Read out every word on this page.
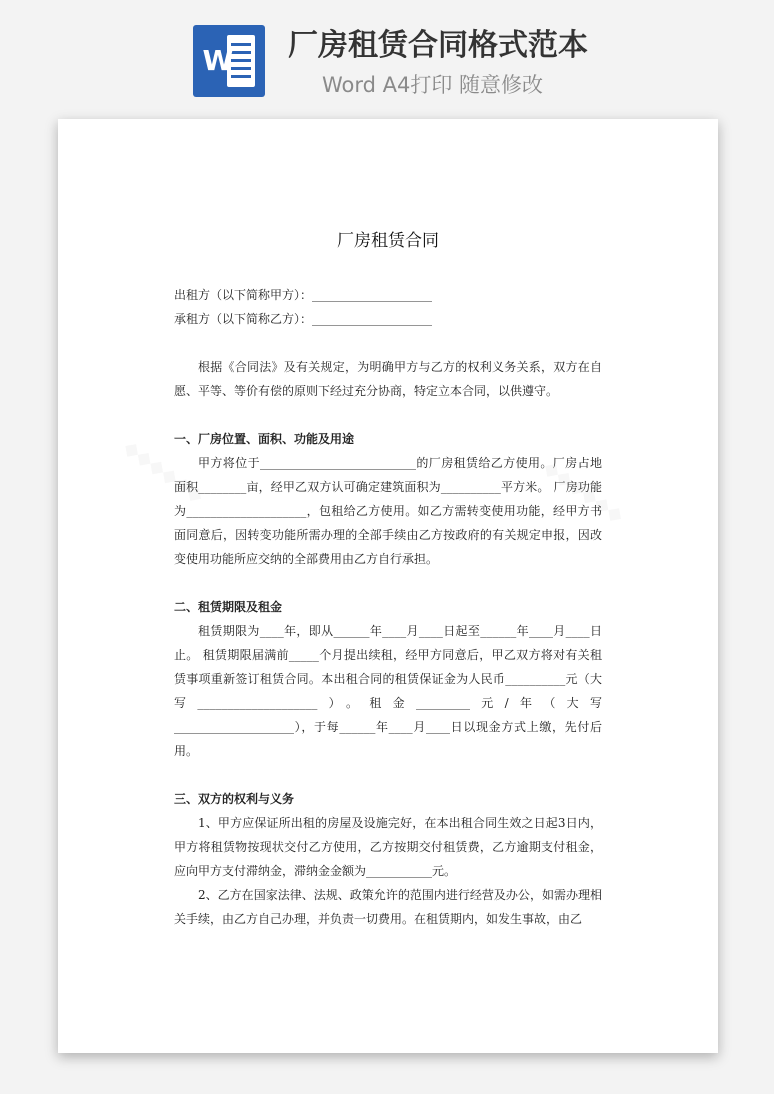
W 厂房租赁合同格式范本
Word A4打印 随意修改
◆◆◆◆◆◆	◆◆◆◆◆◆
厂房租赁合同

出租方（以下简称甲方）：____________________

承租方（以下简称乙方）：____________________

根据《合同法》及有关规定，为明确甲方与乙方的权利义务关系，双方在自愿、平等、等价有偿的原则下经过充分协商，特定立本合同，以供遵守。

一、厂房位置、面积、功能及用途

甲方将位于__________________________的厂房租赁给乙方使用。厂房占地面积________亩，经甲乙双方认可确定建筑面积为__________平方米。 厂房功能为____________________，包租给乙方使用。如乙方需转变使用功能，经甲方书面同意后，因转变功能所需办理的全部手续由乙方按政府的有关规定申报，因改变使用功能所应交纳的全部费用由乙方自行承担。

二、租赁期限及租金

租赁期限为____年，即从______年____月____日起至______年____月____日止。 租赁期限届满前_____个月提出续租，经甲方同意后，甲乙双方将对有关租赁事项重新签订租赁合同。本出租合同的租赁保证金为人民币__________元（大写____________________）。租金_________元/年（大写____________________），于每______年____月____日以现金方式上缴，先付后用。

三、双方的权利与义务

1、甲方应保证所出租的房屋及设施完好，在本出租合同生效之日起3日内，甲方将租赁物按现状交付乙方使用，乙方按期交付租赁费，乙方逾期支付租金，应向甲方支付滞纳金，滞纳金金额为___________元。

2、乙方在国家法律、法规、政策允许的范围内进行经营及办公，如需办理相关手续，由乙方自己办理，并负责一切费用。在租赁期内，如发生事故，由乙
